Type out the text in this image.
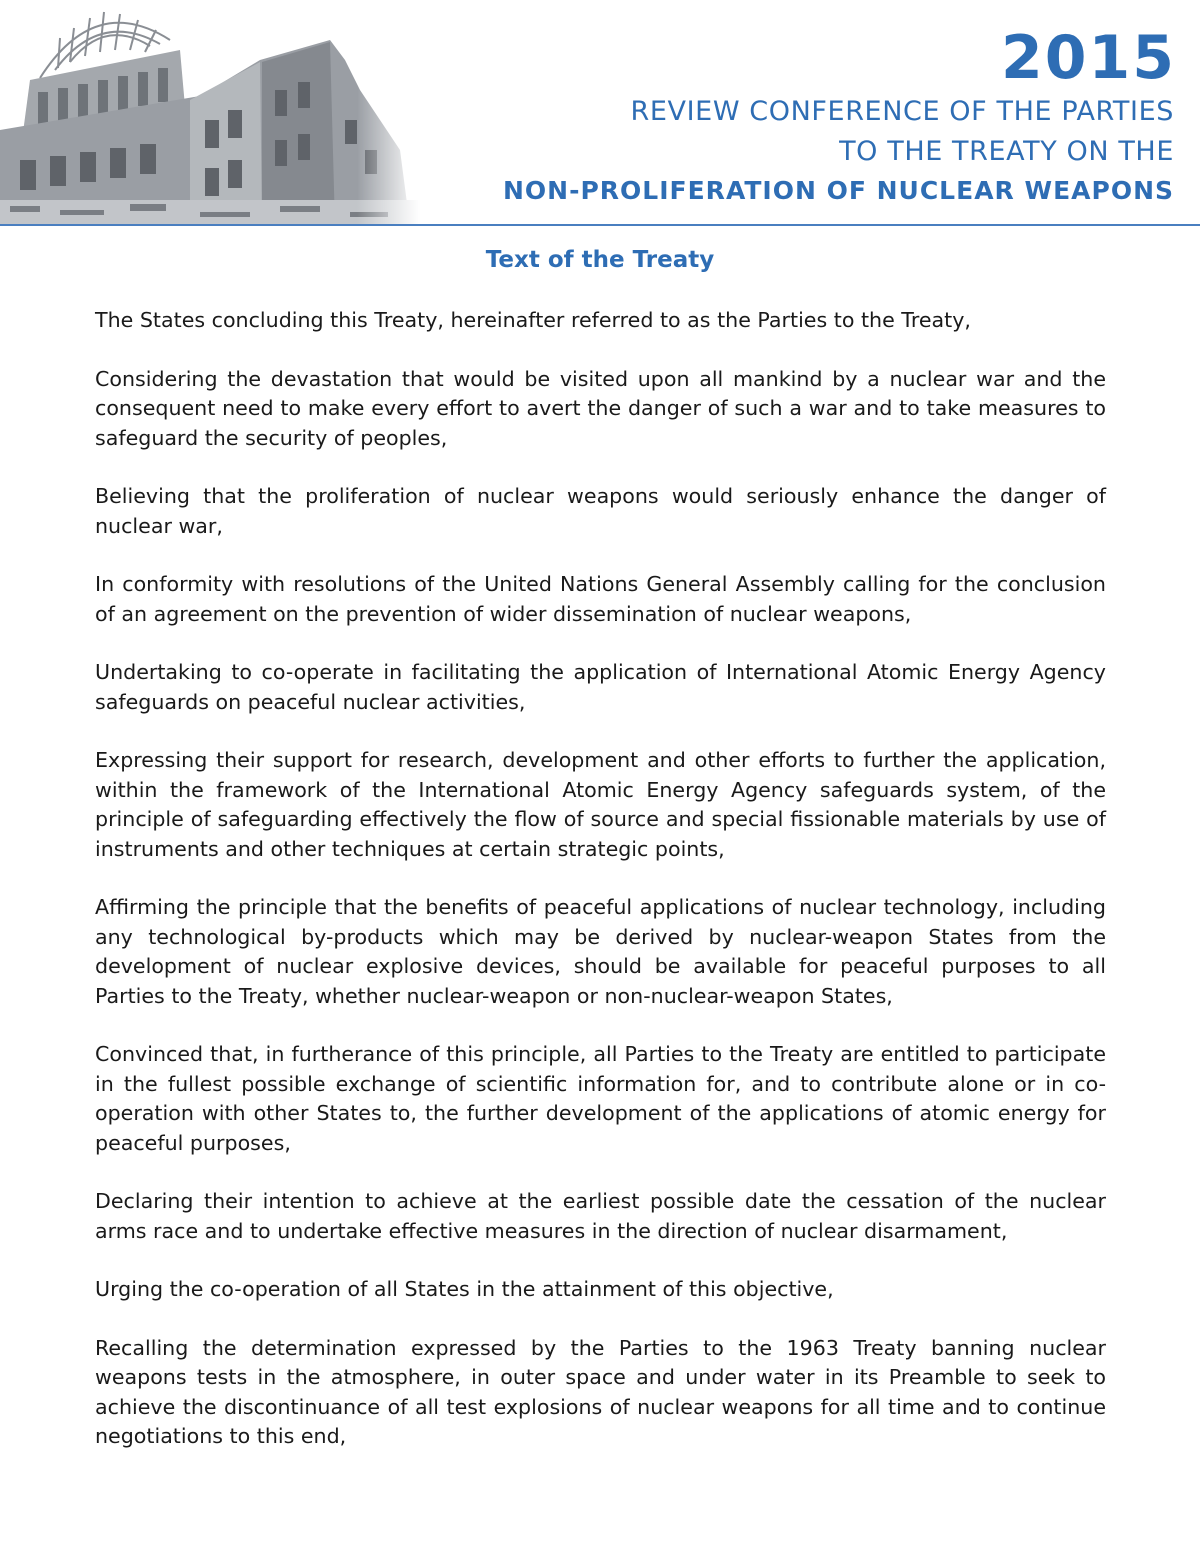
2015
REVIEW CONFERENCE OF THE PARTIES
TO THE TREATY ON THE
NON-PROLIFERATION OF NUCLEAR WEAPONS
Text of the Treaty

The States concluding this Treaty, hereinafter referred to as the Parties to the Treaty,

Considering the devastation that would be visited upon all mankind by a nuclear war and the consequent need to make every effort to avert the danger of such a war and to take measures to safeguard the security of peoples,

Believing that the proliferation of nuclear weapons would seriously enhance the danger of nuclear war,

In conformity with resolutions of the United Nations General Assembly calling for the conclusion of an agreement on the prevention of wider dissemination of nuclear weapons,

Undertaking to co-operate in facilitating the application of International Atomic Energy Agency safeguards on peaceful nuclear activities,

Expressing their support for research, development and other efforts to further the application, within the framework of the International Atomic Energy Agency safeguards system, of the principle of safeguarding effectively the flow of source and special fissionable materials by use of instruments and other techniques at certain strategic points,

Affirming the principle that the benefits of peaceful applications of nuclear technology, including any technological by-products which may be derived by nuclear-weapon States from the development of nuclear explosive devices, should be available for peaceful purposes to all Parties to the Treaty, whether nuclear-weapon or non-nuclear-weapon States,

Convinced that, in furtherance of this principle, all Parties to the Treaty are entitled to participate in the fullest possible exchange of scientific information for, and to contribute alone or in co-operation with other States to, the further development of the applications of atomic energy for peaceful purposes,

Declaring their intention to achieve at the earliest possible date the cessation of the nuclear arms race and to undertake effective measures in the direction of nuclear disarmament,

Urging the co-operation of all States in the attainment of this objective,

Recalling the determination expressed by the Parties to the 1963 Treaty banning nuclear weapons tests in the atmosphere, in outer space and under water in its Preamble to seek to achieve the discontinuance of all test explosions of nuclear weapons for all time and to continue negotiations to this end,
